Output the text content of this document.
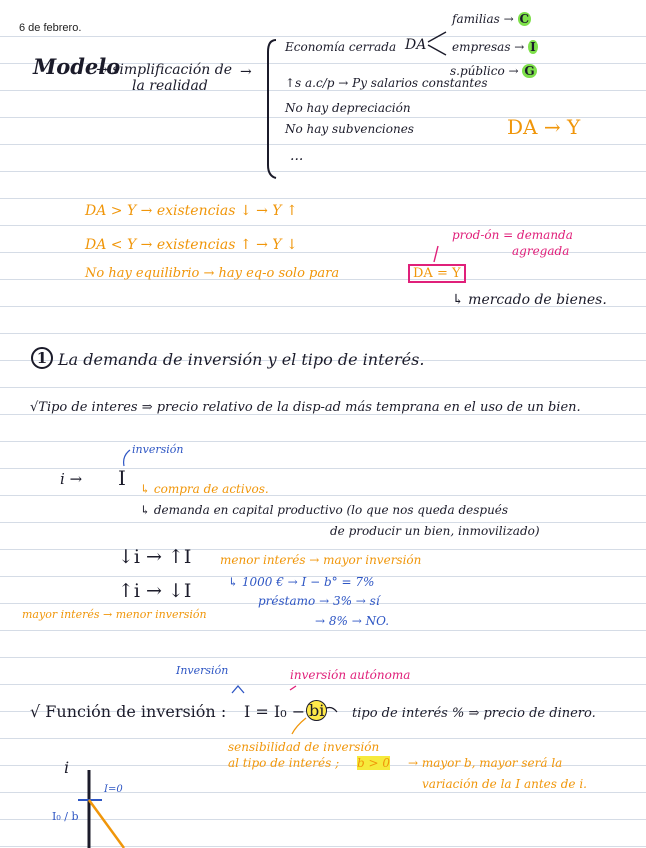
6 de febrero.
Modelo
→ simplificación de
la realidad
→
Economía cerrada DA
↑s a.c/p → Py salarios constantes
No hay depreciación
No hay subvenciones
...
familias → C
empresas → I
s.público → G
DA → Y
DA > Y → existencias ↓ → Y ↑
DA < Y → existencias ↑ → Y ↓
No hay equilibrio → hay eq-o solo para	DA = Y
prod-ón = demanda
agregada
↳ mercado de bienes.
1 La demanda de inversión y el tipo de interés.
√Tipo de interes ⇒ precio relativo de la disp-ad más temprana en el uso de un bien.
inversión
i → I ↳ compra de activos.
↳ demanda en capital productivo (lo que nos queda después
de producir un bien, inmovilizado)
↓i → ↑I menor interés → mayor inversión
↑i → ↓I
mayor interés → menor inversión
↳ 1000 € → I − b° = 7%
préstamo → 3% → sí
→ 8% → NO.
Inversión	inversión autónoma
√ Función de inversión : I = I₀ − bi tipo de interés % ⇒ precio de dinero.
sensibilidad de inversión
al tipo de interés ; b > 0 → mayor b, mayor será la
variación de la I antes de i.
i
I₀ / b
I=0
